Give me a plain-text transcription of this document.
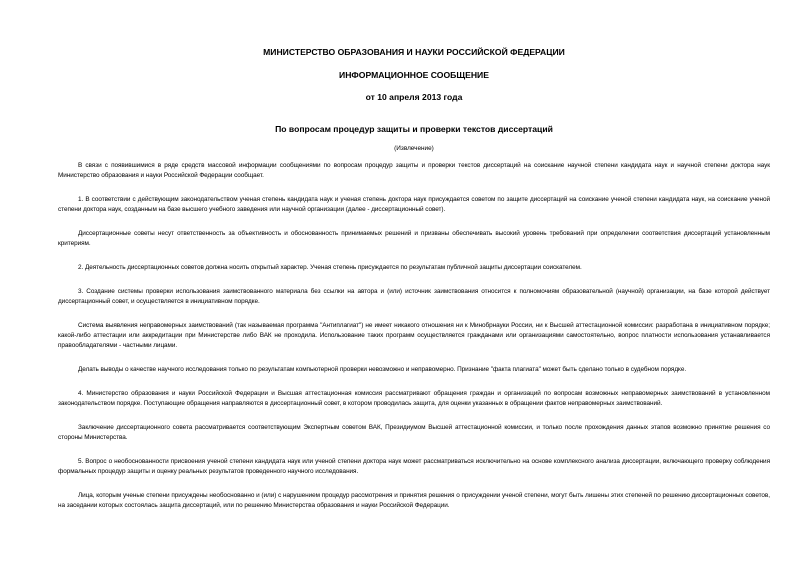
МИНИСТЕРСТВО ОБРАЗОВАНИЯ И НАУКИ РОССИЙСКОЙ ФЕДЕРАЦИИ

ИНФОРМАЦИОННОЕ СООБЩЕНИЕ

от 10 апреля 2013 года

По вопросам процедур защиты и проверки текстов диссертаций

(Извлечение)

В связи с появившимися в ряде средств массовой информации сообщениями по вопросам процедур защиты и проверки текстов диссертаций на соискание научной степени кандидата наук и научной степени доктора наук Министерство образования и науки Российской Федерации сообщает.

1. В соответствии с действующим законодательством ученая степень кандидата наук и ученая степень доктора наук присуждается советом по защите диссертаций на соискание ученой степени кандидата наук, на соискание ученой степени доктора наук, созданным на базе высшего учебного заведения или научной организации (далее - диссертационный совет).

Диссертационные советы несут ответственность за объективность и обоснованность принимаемых решений и призваны обеспечивать высокий уровень требований при определении соответствия диссертаций установленным критериям.

2. Деятельность диссертационных советов должна носить открытый характер. Ученая степень присуждается по результатам публичной защиты диссертации соискателем.

3. Создание системы проверки использования заимствованного материала без ссылки на автора и (или) источник заимствования относится к полномочиям образовательной (научной) организации, на базе которой действует диссертационный совет, и осуществляется в инициативном порядке.

Система выявления неправомерных заимствований (так называемая программа "Антиплагиат") не имеет никакого отношения ни к Минобрнауки России, ни к Высшей аттестационной комиссии: разработана в инициативном порядке; какой-либо аттестации или аккредитации при Министерстве либо ВАК не проходила. Использование таких программ осуществляется гражданами или организациями самостоятельно, вопрос платности использования устанавливается правообладателями - частными лицами.

Делать выводы о качестве научного исследования только по результатам компьютерной проверки невозможно и неправомерно. Признание "факта плагиата" может быть сделано только в судебном порядке.

4. Министерство образования и науки Российской Федерации и Высшая аттестационная комиссия рассматривают обращения граждан и организаций по вопросам возможных неправомерных заимствований в установленном законодательством порядке. Поступающие обращения направляются в диссертационный совет, в котором проводилась защита, для оценки указанных в обращении фактов неправомерных заимствований.

Заключение диссертационного совета рассматривается соответствующим Экспертным советом ВАК, Президиумом Высшей аттестационной комиссии, и только после прохождения данных этапов возможно принятие решения со стороны Министерства.

5. Вопрос о необоснованности присвоения ученой степени кандидата наук или ученой степени доктора наук может рассматриваться исключительно на основе комплексного анализа диссертации, включающего проверку соблюдения формальных процедур защиты и оценку реальных результатов проведенного научного исследования.

Лица, которым ученые степени присуждены необоснованно и (или) с нарушением процедур рассмотрения и принятия решения о присуждении ученой степени, могут быть лишены этих степеней по решению диссертационных советов, на заседании которых состоялась защита диссертаций, или по решению Министерства образования и науки Российской Федерации.
